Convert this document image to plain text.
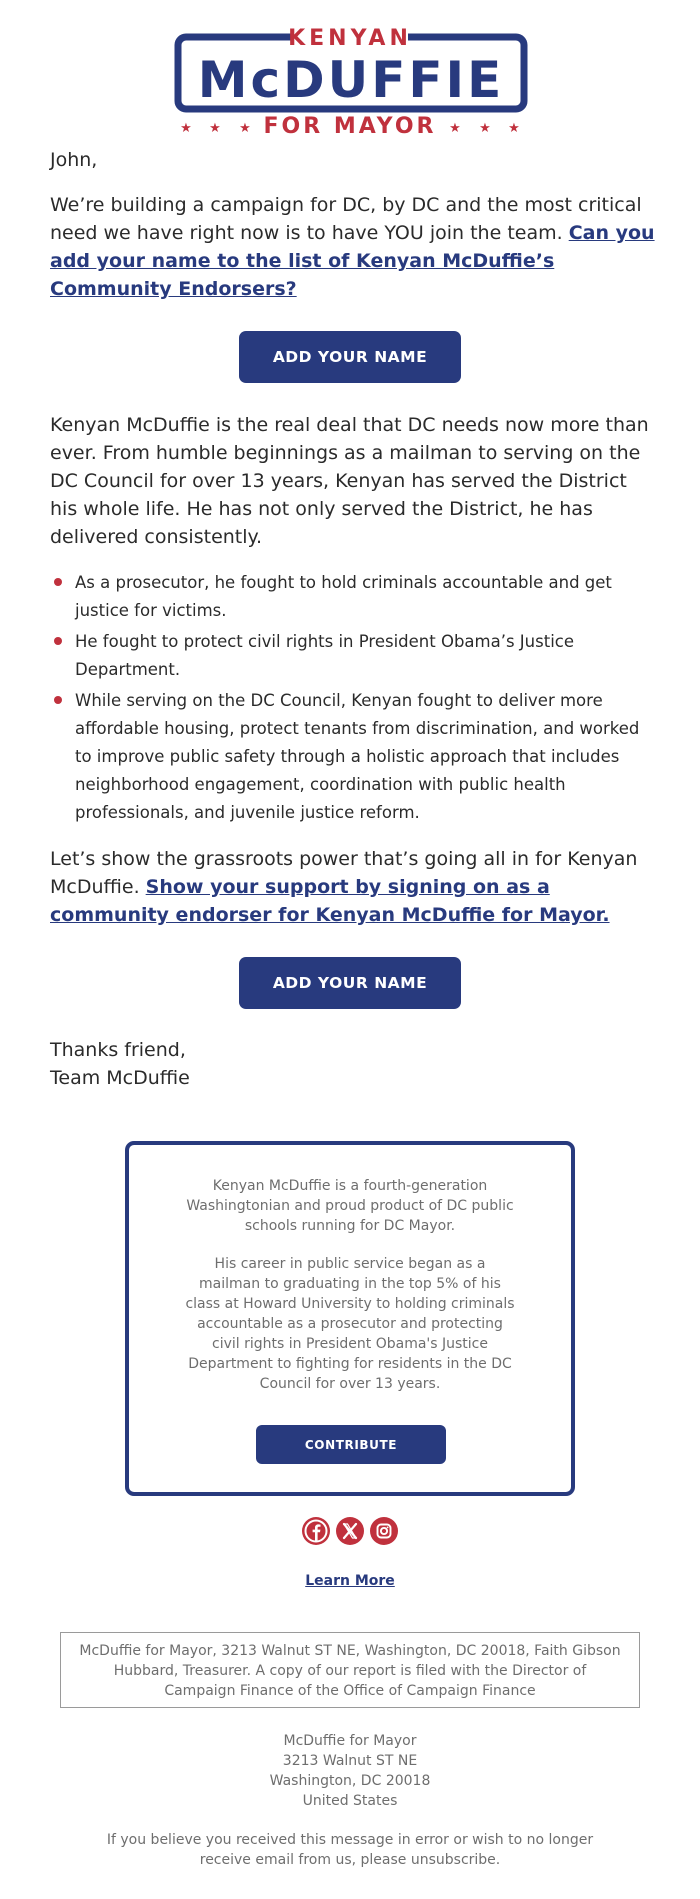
KENYAN
McDUFFIE
★ ★ ★	★ ★ ★
FOR MAYOR
John,
We’re building a campaign for DC, by DC and the most critical need we have right now is to have YOU join the team. Can you add your name to the list of Kenyan McDuffie’s Community Endorsers?
ADD YOUR NAME
Kenyan McDuffie is the real deal that DC needs now more than ever. From humble beginnings as a mailman to serving on the DC Council for over 13 years, Kenyan has served the District his whole life. He has not only served the District, he has delivered consistently.
As a prosecutor, he fought to hold criminals accountable and get justice for victims.
He fought to protect civil rights in President Obama’s Justice Department.
While serving on the DC Council, Kenyan fought to deliver more affordable housing, protect tenants from discrimination, and worked to improve public safety through a holistic approach that includes neighborhood engagement, coordination with public health professionals, and juvenile justice reform.
Let’s show the grassroots power that’s going all in for Kenyan McDuffie. Show your support by signing on as a community endorser for Kenyan McDuffie for Mayor.
ADD YOUR NAME
Thanks friend,
Team McDuffie
Kenyan McDuffie is a fourth-generation Washingtonian and proud product of DC public schools running for DC Mayor.
His career in public service began as a mailman to graduating in the top 5% of his class at Howard University to holding criminals accountable as a prosecutor and protecting civil rights in President Obama's Justice Department to fighting for residents in the DC Council for over 13 years.
CONTRIBUTE
Learn More
McDuffie for Mayor, 3213 Walnut ST NE, Washington, DC 20018, Faith Gibson Hubbard, Treasurer. A copy of our report is filed with the Director of Campaign Finance of the Office of Campaign Finance
McDuffie for Mayor
3213 Walnut ST NE
Washington, DC 20018
United States
If you believe you received this message in error or wish to no longer receive email from us, please unsubscribe.
